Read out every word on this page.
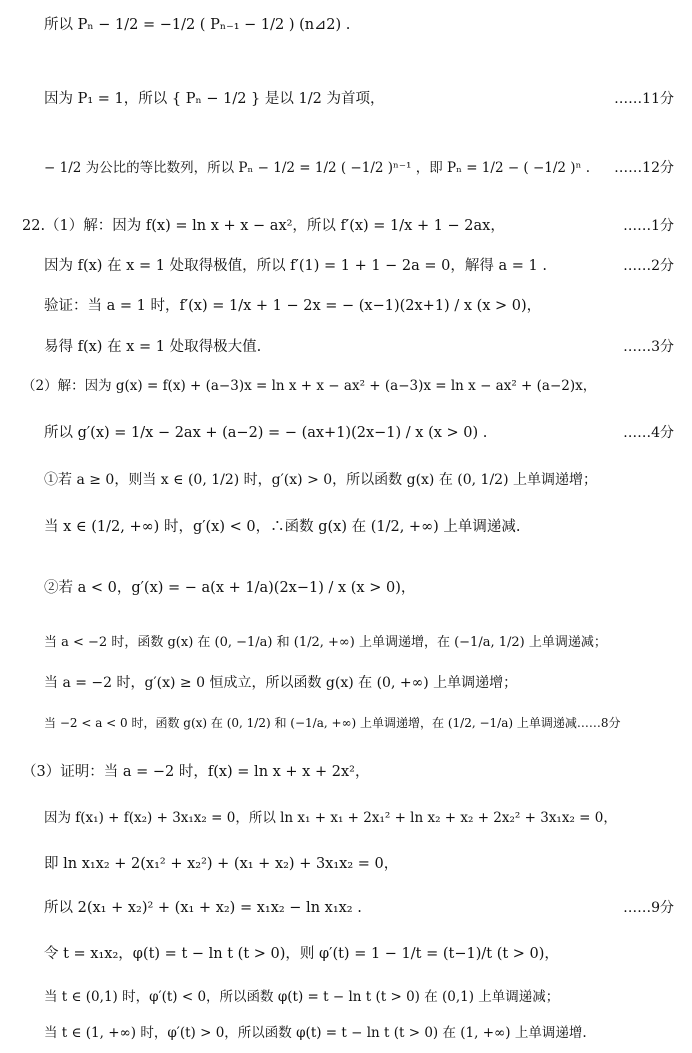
所以 Pₙ − 1/2 = −1/2 ( Pₙ₋₁ − 1/2 ) (n⊿2) .
因为 P₁ = 1，所以 { Pₙ − 1/2 } 是以 1/2 为首项，	……11分
− 1/2 为公比的等比数列，所以 Pₙ − 1/2 = 1/2 ( −1/2 )ⁿ⁻¹ ，即 Pₙ = 1/2 − ( −1/2 )ⁿ . ……12分
22.（1）解：因为 f(x) = ln x + x − ax²，所以 f′(x) = 1/x + 1 − 2ax，	……1分
因为 f(x) 在 x = 1 处取得极值，所以 f′(1) = 1 + 1 − 2a = 0，解得 a = 1 .	……2分
验证：当 a = 1 时，f′(x) = 1/x + 1 − 2x = − (x−1)(2x+1) / x (x > 0)，
易得 f(x) 在 x = 1 处取得极大值.	……3分
（2）解：因为 g(x) = f(x) + (a−3)x = ln x + x − ax² + (a−3)x = ln x − ax² + (a−2)x，
所以 g′(x) = 1/x − 2ax + (a−2) = − (ax+1)(2x−1) / x (x > 0) .	……4分
①若 a ≥ 0，则当 x ∈ (0, 1/2) 时，g′(x) > 0，所以函数 g(x) 在 (0, 1/2) 上单调递增；
当 x ∈ (1/2, +∞) 时，g′(x) < 0，∴函数 g(x) 在 (1/2, +∞) 上单调递减.
②若 a < 0，g′(x) = − a(x + 1/a)(2x−1) / x (x > 0)，
当 a < −2 时，函数 g(x) 在 (0, −1/a) 和 (1/2, +∞) 上单调递增，在 (−1/a, 1/2) 上单调递减；
当 a = −2 时，g′(x) ≥ 0 恒成立，所以函数 g(x) 在 (0, +∞) 上单调递增；
当 −2 < a < 0 时，函数 g(x) 在 (0, 1/2) 和 (−1/a, +∞) 上单调递增，在 (1/2, −1/a) 上单调递减……8分
（3）证明：当 a = −2 时，f(x) = ln x + x + 2x²，
因为 f(x₁) + f(x₂) + 3x₁x₂ = 0，所以 ln x₁ + x₁ + 2x₁² + ln x₂ + x₂ + 2x₂² + 3x₁x₂ = 0，
即 ln x₁x₂ + 2(x₁² + x₂²) + (x₁ + x₂) + 3x₁x₂ = 0，
所以 2(x₁ + x₂)² + (x₁ + x₂) = x₁x₂ − ln x₁x₂ .	……9分
令 t = x₁x₂，φ(t) = t − ln t (t > 0)，则 φ′(t) = 1 − 1/t = (t−1)/t (t > 0)，
当 t ∈ (0,1) 时，φ′(t) < 0，所以函数 φ(t) = t − ln t (t > 0) 在 (0,1) 上单调递减；
当 t ∈ (1, +∞) 时，φ′(t) > 0，所以函数 φ(t) = t − ln t (t > 0) 在 (1, +∞) 上单调递增.
